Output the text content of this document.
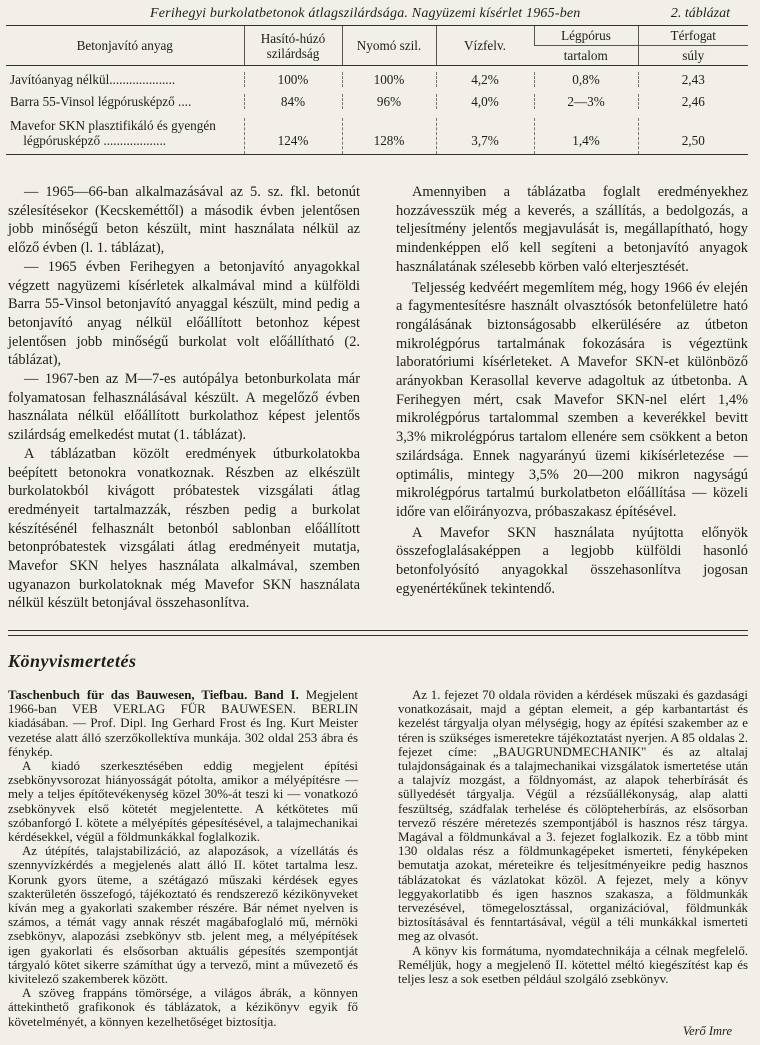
Ferihegyi burkolatbetonok átlagszilárdsága. Nagyüzemi kísérlet 1965-ben	2. táblázat
Betonjavító anyag	Hasító-húzó szilárdság	Nyomó szil.	Vízfelv.	Légpórus	Térfogat
				tartalom	súly

Javítóanyag nélkül....................	100%	100%	4,2%	0,8%	2,43

Barra 55-Vinsol légpórusképző ....	84%	96%	4,0%	2—3%	2,46

Mavefor SKN plasztifikáló és gyengén
légpórusképző ...................	124%	128%	3,7%	1,4%	2,50

— 1965—66-ban alkalmazásával az 5. sz. fkl. betonút szélesítésekor (Kecskeméttől) a második évben jelentősen jobb minőségű beton készült, mint használata nélkül az előző évben (l. 1. táblázat),

— 1965 évben Ferihegyen a betonjavító anyagokkal végzett nagyüzemi kísérletek alkalmával mind a külföldi Barra 55-Vinsol betonjavító anyaggal készült, mind pedig a betonjavító anyag nélkül előállított betonhoz képest jelentősen jobb minőségű burkolat volt előállítható (2. táblázat),

— 1967-ben az M—7-es autópálya betonburkolata már folyamatosan felhasználásával készült. A megelőző évben használata nélkül előállított burkolathoz képest jelentős szilárdság emelkedést mutat (1. táblázat).

A táblázatban közölt eredmények útburkolatokba beépített betonokra vonatkoznak. Részben az elkészült burkolatokból kivágott próbatestek vizsgálati átlag eredményeit tartalmazzák, részben pedig a burkolat készítésénél felhasznált betonból sablonban előállított betonpróbatestek vizsgálati átlag eredményeit mutatja, Mavefor SKN helyes használata alkalmával, szemben ugyanazon burkolatoknak még Mavefor SKN használata nélkül készült betonjával összehasonlítva.

Amennyiben a táblázatba foglalt eredményekhez hozzávesszük még a keverés, a szállítás, a bedolgozás, a teljesítmény jelentős megjavulását is, megállapítható, hogy mindenképpen elő kell segíteni a betonjavító anyagok használatának szélesebb körben való elterjesztését.

Teljesség kedvéért megemlítem még, hogy 1966 év elején a fagymentesítésre használt olvasztósók betonfelületre ható rongálásának biztonságosabb elkerülésére az útbeton mikrolégpórus tartalmának fokozására is végeztünk laboratóriumi kísérleteket. A Mavefor SKN-et különböző arányokban Kerasollal keverve adagoltuk az útbetonba. A Ferihegyen mért, csak Mavefor SKN-nel elért 1,4% mikrolégpórus tartalommal szemben a keverékkel bevitt 3,3% mikrolégpórus tartalom ellenére sem csökkent a beton szilárdsága. Ennek nagyarányú üzemi kikísérletezése — optimális, mintegy 3,5% 20—200 mikron nagyságú mikrolégpórus tartalmú burkolatbeton előállítása — közeli időre van előirányozva, próbaszakasz építésével.

A Mavefor SKN használata nyújtotta előnyök összefoglalásaképpen a legjobb külföldi hasonló betonfolyósító anyagokkal összehasonlítva jogosan egyenértékűnek tekintendő.

Könyvismertetés

Taschenbuch für das Bauwesen, Tiefbau. Band I. Megjelent 1966-ban VEB VERLAG FÜR BAUWESEN. BERLIN kiadásában. — Prof. Dipl. Ing Gerhard Frost és Ing. Kurt Meister vezetése alatt álló szerzőkollektíva munkája. 302 oldal 253 ábra és fénykép.

A kiadó szerkesztésében eddig megjelent építési zsebkönyvsorozat hiányosságát pótolta, amikor a mélyépítésre — mely a teljes építőtevékenység közel 30%-át teszi ki — vonatkozó zsebkönyvek első kötetét megjelentette. A kétkötetes mű szóbanforgó I. kötete a mélyépítés gépesítésével, a talajmechanikai kérdésekkel, végül a földmunkákkal foglalkozik.

Az útépítés, talajstabilizáció, az alapozások, a vízellátás és szennyvízkérdés a megjelenés alatt álló II. kötet tartalma lesz. Korunk gyors üteme, a szétágazó műszaki kérdések egyes szakterületén összefogó, tájékoztató és rendszerező kézikönyveket kíván meg a gyakorlati szakember részére. Bár német nyelven is számos, a témát vagy annak részét magábafoglaló mű, mérnöki zsebkönyv, alapozási zsebkönyv stb. jelent meg, a mélyépítések igen gyakorlati és elsősorban aktuális gépesítés szempontját tárgyaló kötet sikerre számíthat úgy a tervező, mint a művezető és kivitelező szakemberek között.

A szöveg frappáns tömörsége, a világos ábrák, a könnyen áttekinthető grafikonok és táblázatok, a kézikönyv egyik fő követelményét, a könnyen kezelhetőséget biztosítja.

Az 1. fejezet 70 oldala röviden a kérdések műszaki és gazdasági vonatkozásait, majd a géptan elemeit, a gép karbantartást és kezelést tárgyalja olyan mélységig, hogy az építési szakember az e téren is szükséges ismeretekre tájékoztatást nyerjen. A 85 oldalas 2. fejezet címe: „BAUGRUNDMECHANIK" és az altalaj tulajdonságainak és a talajmechanikai vizsgálatok ismertetése után a talajvíz mozgást, a földnyomást, az alapok teherbírását és süllyedését tárgyalja. Végül a rézsűállékonyság, alap alatti feszültség, szádfalak terhelése és cölöpteherbírás, az elsősorban tervező részére méretezés szempontjából is hasznos rész tárgya. Magával a földmunkával a 3. fejezet foglalkozik. Ez a több mint 130 oldalas rész a földmunkagépeket ismerteti, fényképeken bemutatja azokat, méreteikre és teljesítményeikre pedig hasznos táblázatokat és vázlatokat közöl. A fejezet, mely a könyv leggyakorlatibb és igen hasznos szakasza, a földmunkák tervezésével, tömegelosztással, organizációval, földmunkák biztosításával és fenntartásával, végül a téli munkákkal ismerteti meg az olvasót.

A könyv kis formátuma, nyomdatechnikája a célnak megfelelő. Reméljük, hogy a megjelenő II. kötettel méltó kiegészítést kap és teljes lesz a sok esetben például szolgáló zsebkönyv.

Verő Imre
